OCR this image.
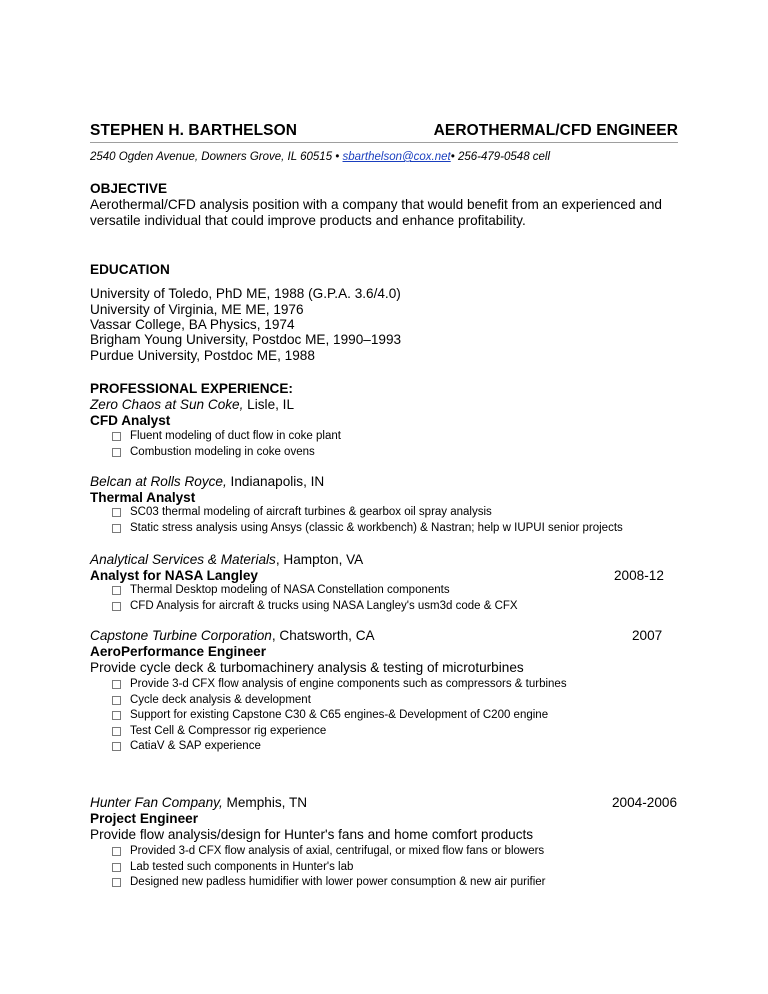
STEPHEN H. BARTHELSON	AEROTHERMAL/CFD ENGINEER
2540 Ogden Avenue, Downers Grove, IL 60515 • sbarthelson@cox.net• 256-479-0548 cell
OBJECTIVE
Aerothermal/CFD analysis position with a company that would benefit from an experienced and versatile individual that could improve products and enhance profitability.
EDUCATION
University of Toledo, PhD ME, 1988 (G.P.A. 3.6/4.0)
University of Virginia, ME ME, 1976
Vassar College, BA Physics, 1974
Brigham Young University, Postdoc ME, 1990–1993
Purdue University, Postdoc ME, 1988
PROFESSIONAL EXPERIENCE:
Zero Chaos at Sun Coke, Lisle, IL
CFD Analyst
Fluent modeling of duct flow in coke plant
Combustion modeling in coke ovens
Belcan at Rolls Royce, Indianapolis, IN
Thermal Analyst
SC03 thermal modeling of aircraft turbines & gearbox oil spray analysis
Static stress analysis using Ansys (classic & workbench) & Nastran; help w IUPUI senior projects
Analytical Services & Materials, Hampton, VA
Analyst for NASA Langley	2008-12
Thermal Desktop modeling of NASA Constellation components
CFD Analysis for aircraft & trucks using NASA Langley's usm3d code & CFX
Capstone Turbine Corporation, Chatsworth, CA	2007
AeroPerformance Engineer
Provide cycle deck & turbomachinery analysis & testing of microturbines
Provide 3-d CFX flow analysis of engine components such as compressors & turbines
Cycle deck analysis & development
Support for existing Capstone C30 & C65 engines-& Development of C200 engine
Test Cell & Compressor rig experience
CatiaV & SAP experience
Hunter Fan Company, Memphis, TN	2004-2006
Project Engineer
Provide flow analysis/design for Hunter's fans and home comfort products
Provided 3-d CFX flow analysis of axial, centrifugal, or mixed flow fans or blowers
Lab tested such components in Hunter's lab
Designed new padless humidifier with lower power consumption & new air purifier
